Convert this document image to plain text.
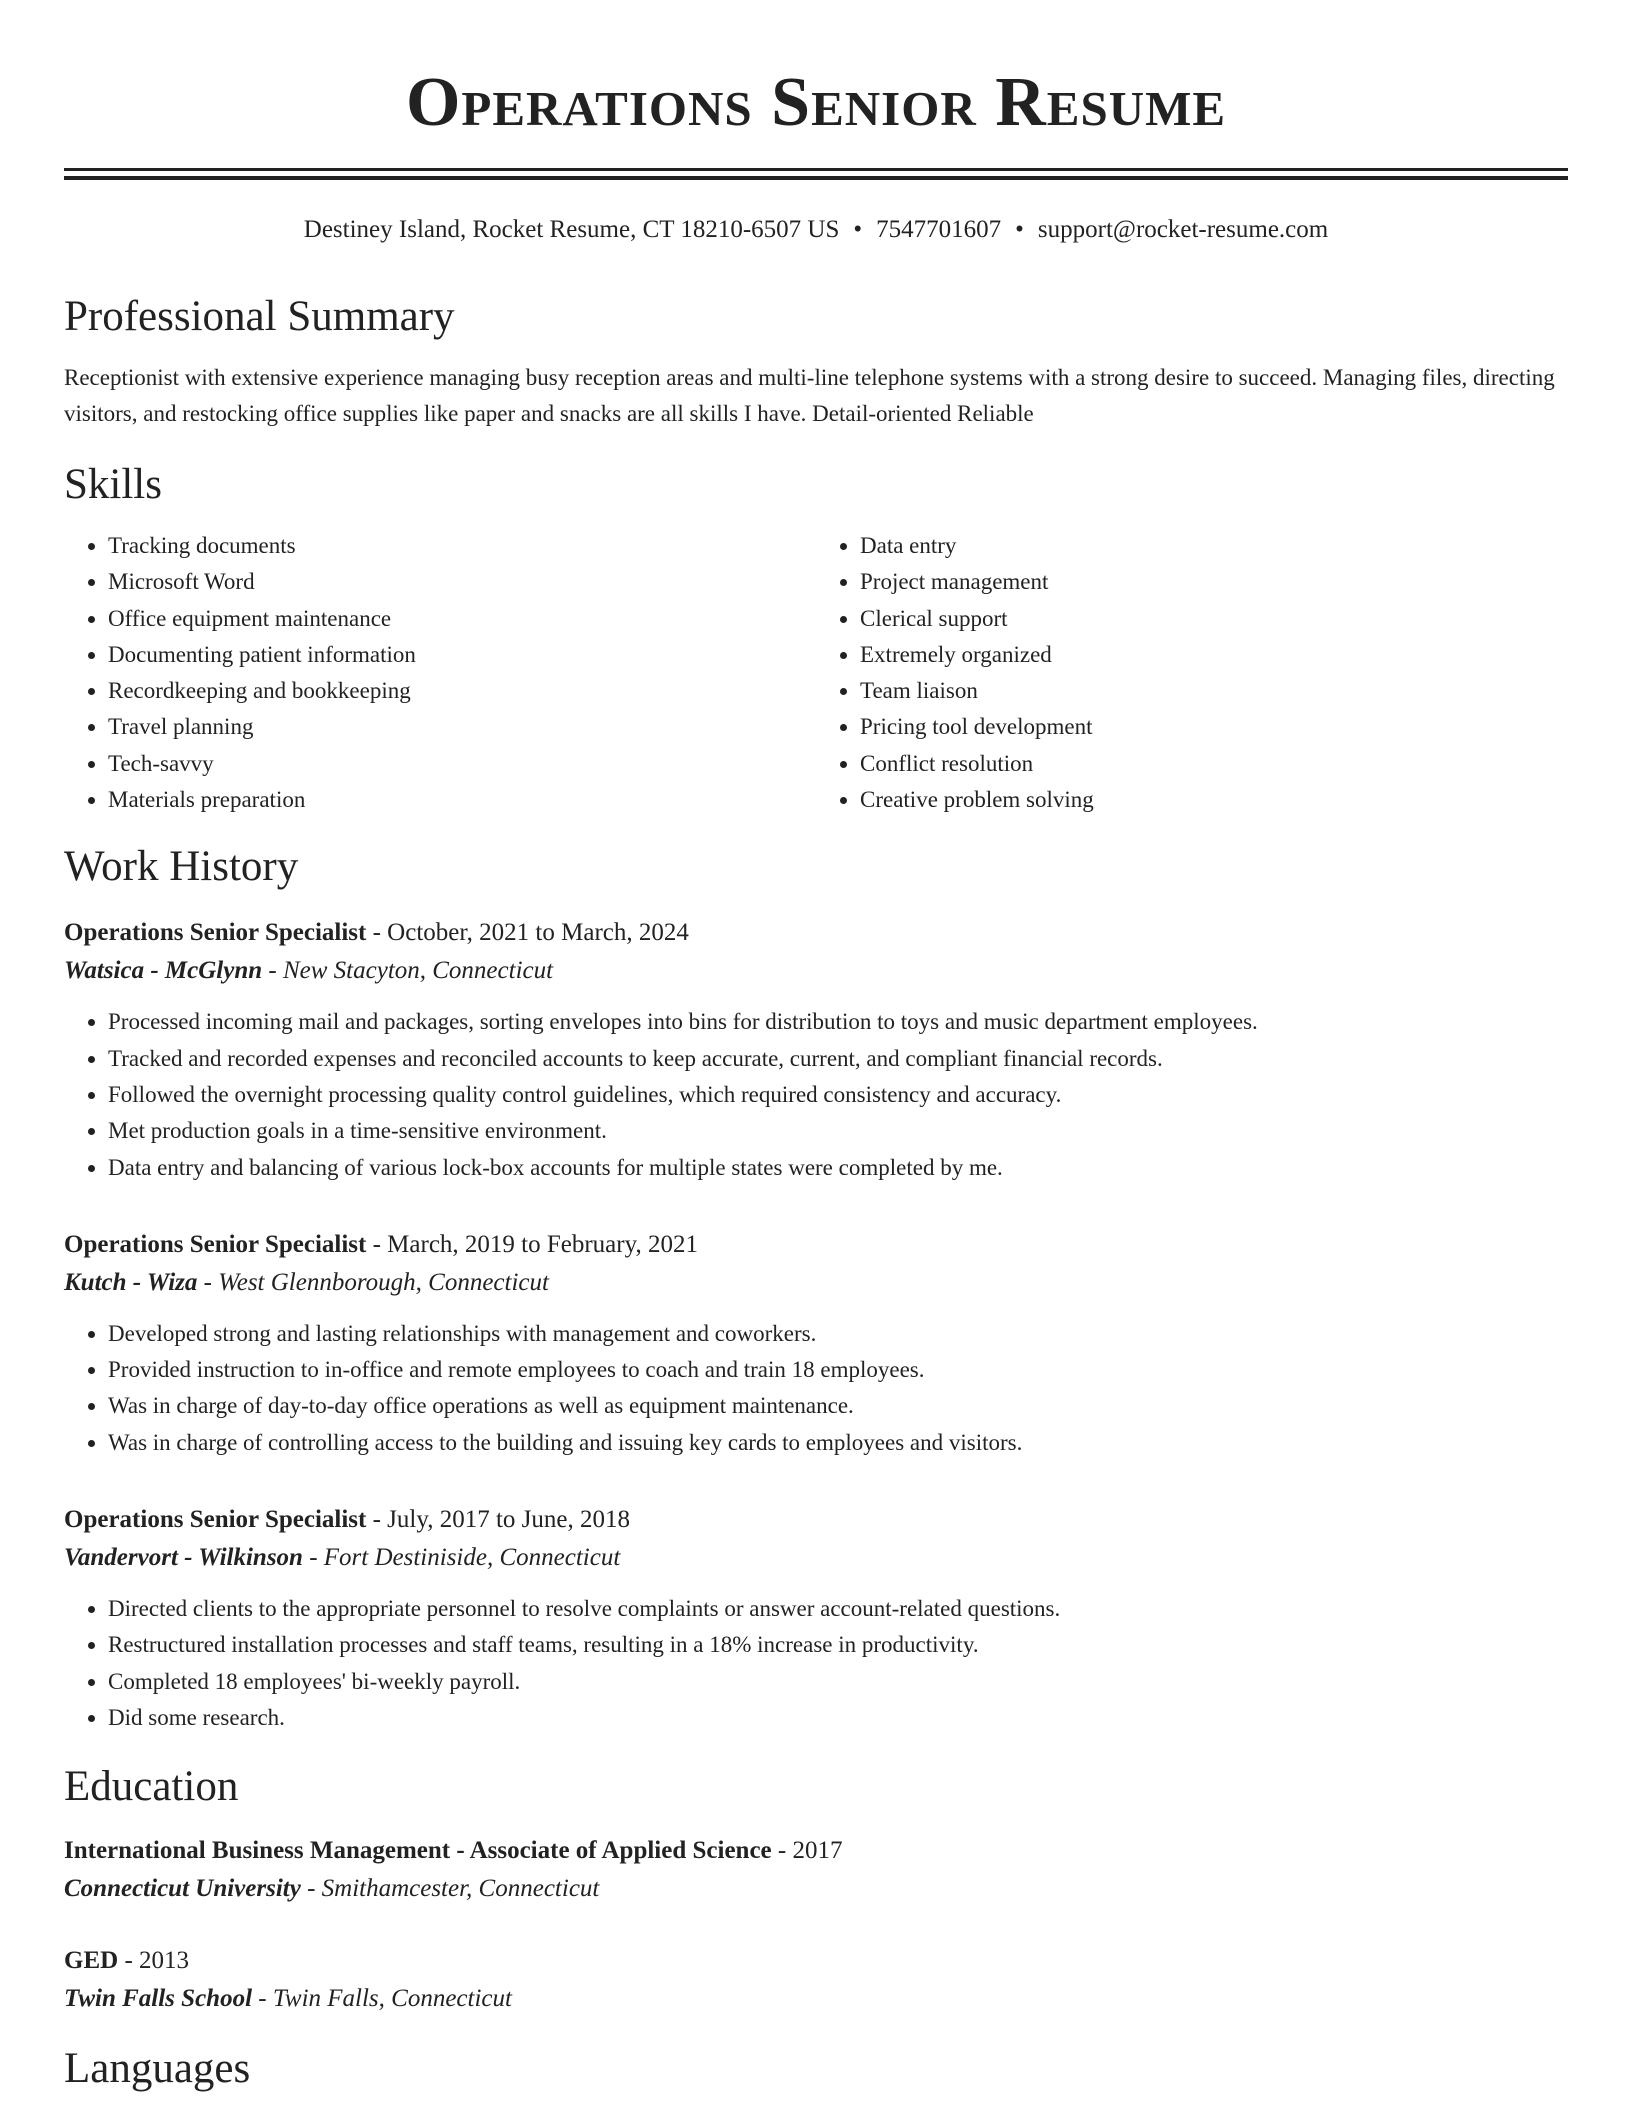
Operations Senior Resume
Destiney Island, Rocket Resume, CT 18210-6507 US • 7547701607 • support@rocket-resume.com
Professional Summary
Receptionist with extensive experience managing busy reception areas and multi-line telephone systems with a strong desire to succeed. Managing files, directing visitors, and restocking office supplies like paper and snacks are all skills I have. Detail-oriented Reliable
Skills
• Tracking documents
• Microsoft Word
• Office equipment maintenance
• Documenting patient information
• Recordkeeping and bookkeeping
• Travel planning
• Tech-savvy
• Materials preparation
• Data entry
• Project management
• Clerical support
• Extremely organized
• Team liaison
• Pricing tool development
• Conflict resolution
• Creative problem solving
Work History
Operations Senior Specialist - October, 2021 to March, 2024
Watsica - McGlynn - New Stacyton, Connecticut
• Processed incoming mail and packages, sorting envelopes into bins for distribution to toys and music department employees.
• Tracked and recorded expenses and reconciled accounts to keep accurate, current, and compliant financial records.
• Followed the overnight processing quality control guidelines, which required consistency and accuracy.
• Met production goals in a time-sensitive environment.
• Data entry and balancing of various lock-box accounts for multiple states were completed by me.
Operations Senior Specialist - March, 2019 to February, 2021
Kutch - Wiza - West Glennborough, Connecticut
• Developed strong and lasting relationships with management and coworkers.
• Provided instruction to in-office and remote employees to coach and train 18 employees.
• Was in charge of day-to-day office operations as well as equipment maintenance.
• Was in charge of controlling access to the building and issuing key cards to employees and visitors.
Operations Senior Specialist - July, 2017 to June, 2018
Vandervort - Wilkinson - Fort Destiniside, Connecticut
• Directed clients to the appropriate personnel to resolve complaints or answer account-related questions.
• Restructured installation processes and staff teams, resulting in a 18% increase in productivity.
• Completed 18 employees' bi-weekly payroll.
• Did some research.
Education
International Business Management - Associate of Applied Science - 2017
Connecticut University - Smithamcester, Connecticut
GED - 2013
Twin Falls School - Twin Falls, Connecticut
Languages
